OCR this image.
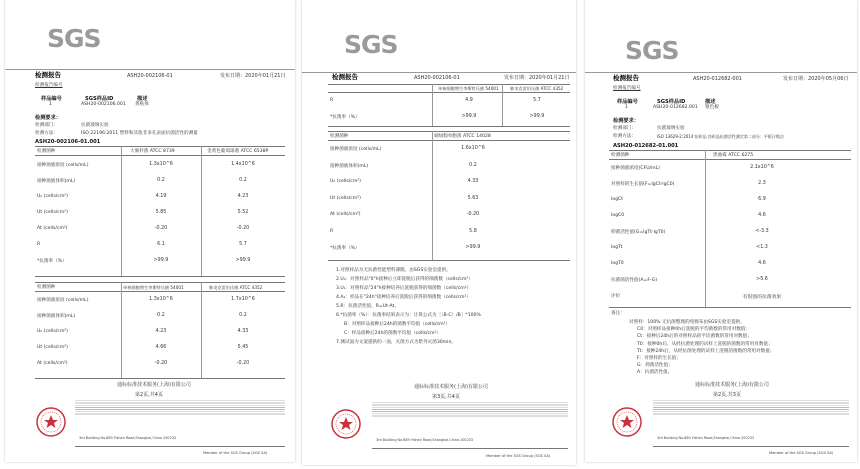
SGS
检测报告	ASH20-002106-01	发布日期：2020年01月21日
检测报告编号
样品编号	SGS样品ID	描述
1	ASH20-002106.001 黄贴体
检测要求：
检测部门：	抗菌玻璃实验
检测方法：	ISO 22196:2011 塑料和其他非多孔表面抗菌活性的测量
ASH20-002106-01.001
检测菌种	大肠杆菌 ATCC 8739	金黄色葡萄球菌 ATCC 6538P
接种菌液浓度 (cells/mL)	1.3x10^6	1.4x10^6
接种菌液体积(mL)	0.2	0.2
U₀ (cells/cm²)	4.19	4.23
Ut (cells/cm²)	5.85	5.52
At (cells/cm²)	-0.20	-0.20
R	6.1	5.7
*抗菌率（%）	>99.9	>99.9
检测菌种	单核细胞增生李斯特氏菌 54001	肺炎克雷伯氏菌 ATCC 4352
接种菌液浓度 (cells/mL)	1.3x10^6	1.7x10^6
接种菌液体积(mL)	0.2	0.2
U₀ (cells/cm²)	4.23	4.33
Ut (cells/cm²)	4.66	5.45
At (cells/cm²)	-0.20	-0.20
通标标准技术服务(上海)有限公司
第2页,共4页
3rd Building No.889 Yishan Road,Shanghai,China 200233
Member of the SGS Group (SGS SA)
SGS
检测报告	ASH20-002106-01	发布日期：2020年01月21日
单核细胞增生李斯特氏菌 54001	肺炎克雷伯氏菌 ATCC 4352
R	4.9	5.7
*抗菌率（%）	>99.9	>99.9
检测菌种	铜绿假单胞菌 ATCC 14028
接种菌液浓度 (cells/mL)	1.6x10^6
接种菌液体积(mL)	0.2
U₀ (cells/cm²)	4.33
Ut (cells/cm²)	5.63
At (cells/cm²)	-0.20
R	5.8
*抗菌率（%）	>99.9
1.对照样品为无抗菌性能塑料薄膜，由SGS实验室提供。
2.U₀：对照样品"0"h接种后立即洗脱后获得的细菌数（cells/cm²）
3.U₁：对照样品"24"h接种培养后洗脱获得的细菌数（cells/cm²）
4.A₁：样品在"24h"接种培养后洗脱后获得的细菌数（cells/cm²）
5.R：抗菌活性值，R=Ut-At。
6.*抗菌率（%）：抗菌率结果表示为：计算公式为［（B-C）/B］*100%
B：对照样品接种后24h的菌数平均值（cells/cm²）
C：样品接种后24h的菌数平均值（cells/cm²）
7.测试面为文案提供的一面，灭菌方式为紫外灭菌30min。
通标标准技术服务(上海)有限公司
第3页,共4页
3rd Building No.889 Yishan Road,Shanghai,China 200233
Member of the SGS Group (SGS SA)
SGS
检测报告	ASH20-012682-001	发布日期：2020年05月06日
检测报告编号
样品编号	SGS样品ID	描述
1	ASH20-012682.001 银色板
检测要求：
检测部门：	抗菌玻璃实验
检测方法：	ISO 13629-2:2014 纺织品 纺织品抗菌活性测定第二部分：平板计数法
ASH20-012682-01.001
检测菌种	黑曲霉 ATCC 6275
接种菌液浓度(CFU/mL)	2.1x10^6
对照样的生长值(F=lgCt-lgC0)	2.3
logCt	6.9
logC0	4.6
抑菌活性值(G=lgTt-lgT0)	<-3.3
logTt	<1.3
logT0	4.6
抗菌菌活性值(A=F-G)	>5.6
评价	有很强的抗菌效果
备注：
对照样：100% 无抗菌整理的纯棉布由SGS实验室提供。
C0：对照样品接种0h后洗脱的平均菌数的常用对数值；
Ct：接种后24h后的对照样品的平均菌数的常用对数值；
T0：接种0h后，从经抗菌处理的试样上洗脱的菌数的常用对数值；
Tt：接种24h后，从经抗菌处理的试样上洗脱的菌数的常用对数值；
F：对照样的生长值；
G：抑菌活性值；
A：抗菌活性值。
通标标准技术服务(上海)有限公司
第2页,共3页
3rd Building No.889 Yishan Road,Shanghai,China 200233
Member of the SGS Group (SGS SA)
